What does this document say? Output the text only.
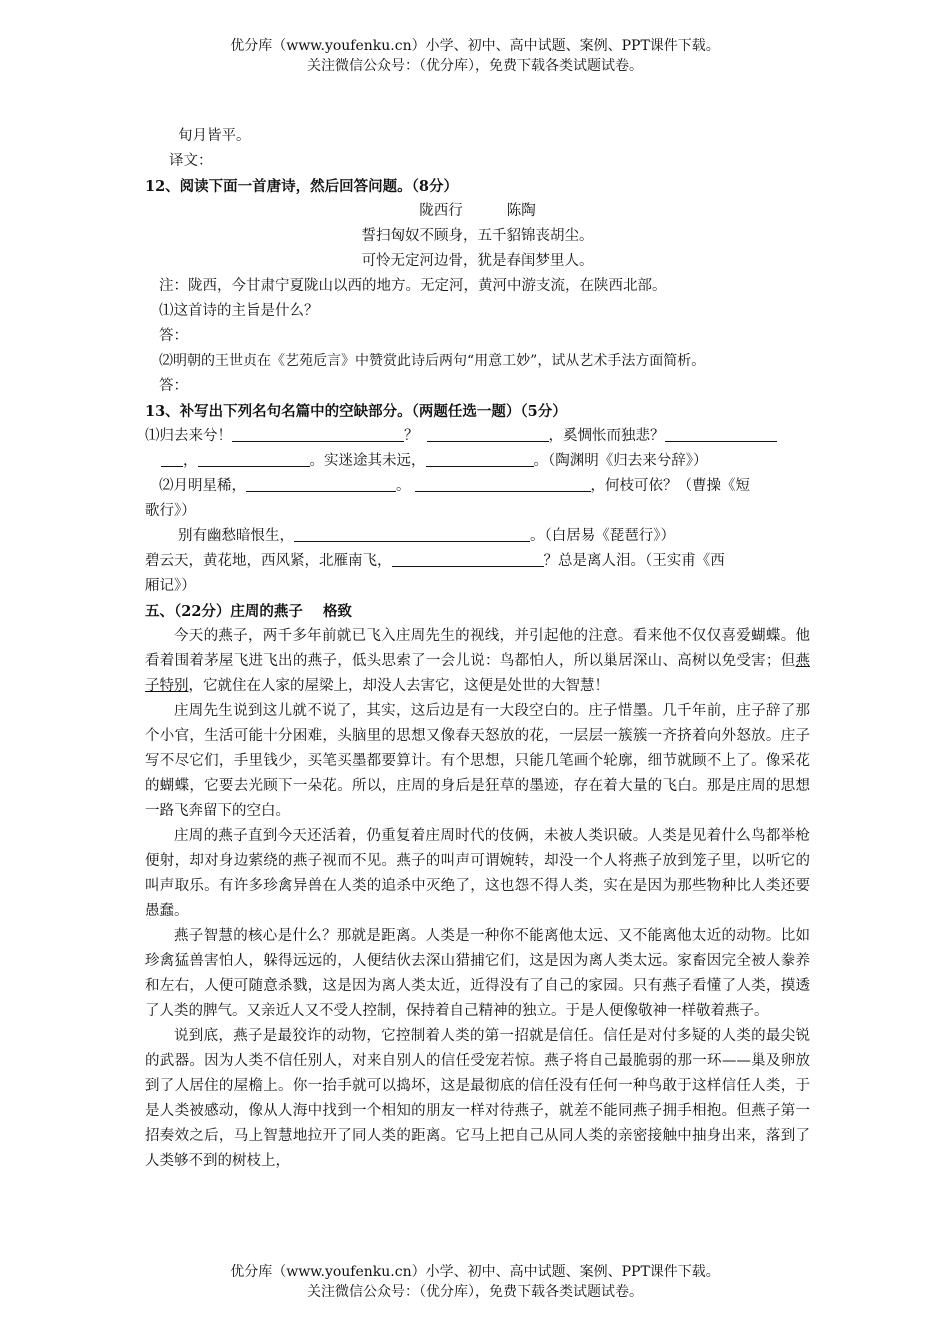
优分库（www.youfenku.cn）小学、初中、高中试题、案例、PPT课件下载。
关注微信公众号：（优分库），免费下载各类试题试卷。
旬月皆平。
译文：
12、阅读下面一首唐诗，然后回答问题。（8分）
陇西行	陈陶
誓扫匈奴不顾身，五千貂锦丧胡尘。
可怜无定河边骨，犹是春闺梦里人。
注：陇西，今甘肃宁夏陇山以西的地方。无定河，黄河中游支流，在陕西北部。
⑴这首诗的主旨是什么？
答：
⑵明朝的王世贞在《艺苑卮言》中赞赏此诗后两句“用意工妙”，试从艺术手法方面简析。
答：
13、补写出下列名句名篇中的空缺部分。（两题任选一题）（5分）
⑴归去来兮！	？	，奚惆怅而独悲？
，	。实迷途其未远，	。（陶渊明《归去来兮辞》）
⑵月明星稀，	。	，何枝可依？（曹操《短
歌行》）
别有幽愁暗恨生，	。（白居易《琵琶行》）
碧云天，黄花地，西风紧，北雁南飞，	？总是离人泪。（王实甫《西
厢记》）
五、（22分）庄周的燕子 格致

今天的燕子，两千多年前就已飞入庄周先生的视线，并引起他的注意。看来他不仅仅喜爱蝴蝶。他看着围着茅屋飞进飞出的燕子，低头思索了一会儿说：鸟都怕人，所以巢居深山、高树以免受害；但燕子特别，它就住在人家的屋梁上，却没人去害它，这便是处世的大智慧！

庄周先生说到这儿就不说了，其实，这后边是有一大段空白的。庄子惜墨。几千年前，庄子辞了那个小官，生活可能十分困难，头脑里的思想又像春天怒放的花，一层层一簇簇一齐挤着向外怒放。庄子写不尽它们，手里钱少，买笔买墨都要算计。有个思想，只能几笔画个轮廓，细节就顾不上了。像采花的蝴蝶，它要去光顾下一朵花。所以，庄周的身后是狂草的墨迹，存在着大量的飞白。那是庄周的思想一路飞奔留下的空白。

庄周的燕子直到今天还活着，仍重复着庄周时代的伎俩，未被人类识破。人类是见着什么鸟都举枪便射，却对身边萦绕的燕子视而不见。燕子的叫声可谓婉转，却没一个人将燕子放到笼子里，以听它的叫声取乐。有许多珍禽异兽在人类的追杀中灭绝了，这也怨不得人类，实在是因为那些物种比人类还要愚蠢。

燕子智慧的核心是什么？那就是距离。人类是一种你不能离他太远、又不能离他太近的动物。比如珍禽猛兽害怕人，躲得远远的，人便结伙去深山猎捕它们，这是因为离人类太远。家畜因完全被人豢养和左右，人便可随意杀戮，这是因为离人类太近，近得没有了自己的家园。只有燕子看懂了人类，摸透了人类的脾气。又亲近人又不受人控制，保持着自己精神的独立。于是人便像敬神一样敬着燕子。

说到底，燕子是最狡诈的动物，它控制着人类的第一招就是信任。信任是对付多疑的人类的最尖锐的武器。因为人类不信任别人，对来自别人的信任受宠若惊。燕子将自己最脆弱的那一环——巢及卵放到了人居住的屋檐上。你一抬手就可以捣坏，这是最彻底的信任没有任何一种鸟敢于这样信任人类，于是人类被感动，像从人海中找到一个相知的朋友一样对待燕子，就差不能同燕子拥手相抱。但燕子第一招奏效之后，马上智慧地拉开了同人类的距离。它马上把自己从同人类的亲密接触中抽身出来，落到了人类够不到的树枝上，

优分库（www.youfenku.cn）小学、初中、高中试题、案例、PPT课件下载。
关注微信公众号：（优分库），免费下载各类试题试卷。
